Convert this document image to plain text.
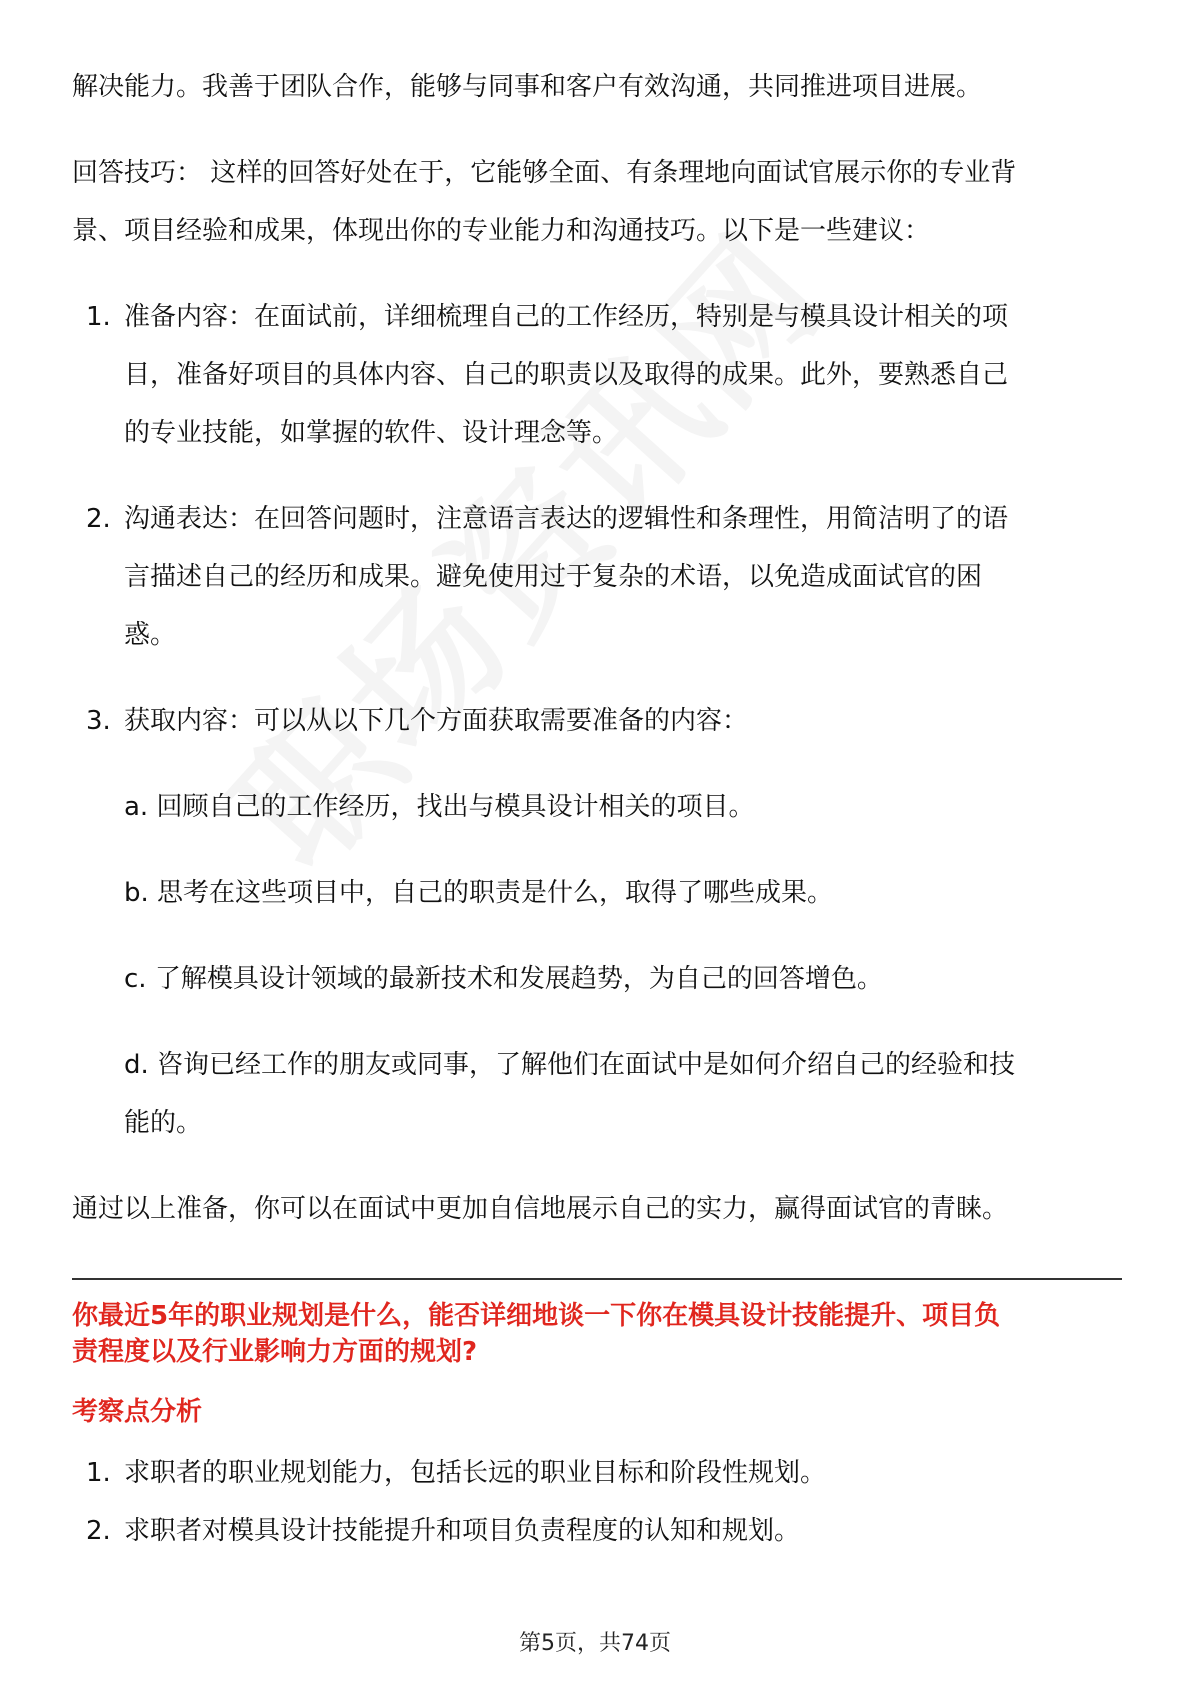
解决能力。我善于团队合作，能够与同事和客户有效沟通，共同推进项目进展。

回答技巧： 这样的回答好处在于，它能够全面、有条理地向面试官展示你的专业背

景、项目经验和成果，体现出你的专业能力和沟通技巧。以下是一些建议：

1. 准备内容：在面试前，详细梳理自己的工作经历，特别是与模具设计相关的项
目，准备好项目的具体内容、自己的职责以及取得的成果。此外，要熟悉自己
的专业技能，如掌握的软件、设计理念等。
2. 沟通表达：在回答问题时，注意语言表达的逻辑性和条理性，用简洁明了的语
言描述自己的经历和成果。避免使用过于复杂的术语，以免造成面试官的困
惑。
3. 获取内容：可以从以下几个方面获取需要准备的内容：
a. 回顾自己的工作经历，找出与模具设计相关的项目。
b. 思考在这些项目中，自己的职责是什么，取得了哪些成果。
c. 了解模具设计领域的最新技术和发展趋势，为自己的回答增色。
d. 咨询已经工作的朋友或同事，了解他们在面试中是如何介绍自己的经验和技
能的。

通过以上准备，你可以在面试中更加自信地展示自己的实力，赢得面试官的青睐。

你最近5年的职业规划是什么，能否详细地谈一下你在模具设计技能提升、项目负
责程度以及行业影响力方面的规划?
考察点分析
1. 求职者的职业规划能力，包括长远的职业目标和阶段性规划。
2. 求职者对模具设计技能提升和项目负责程度的认知和规划。
第5页，共74页
